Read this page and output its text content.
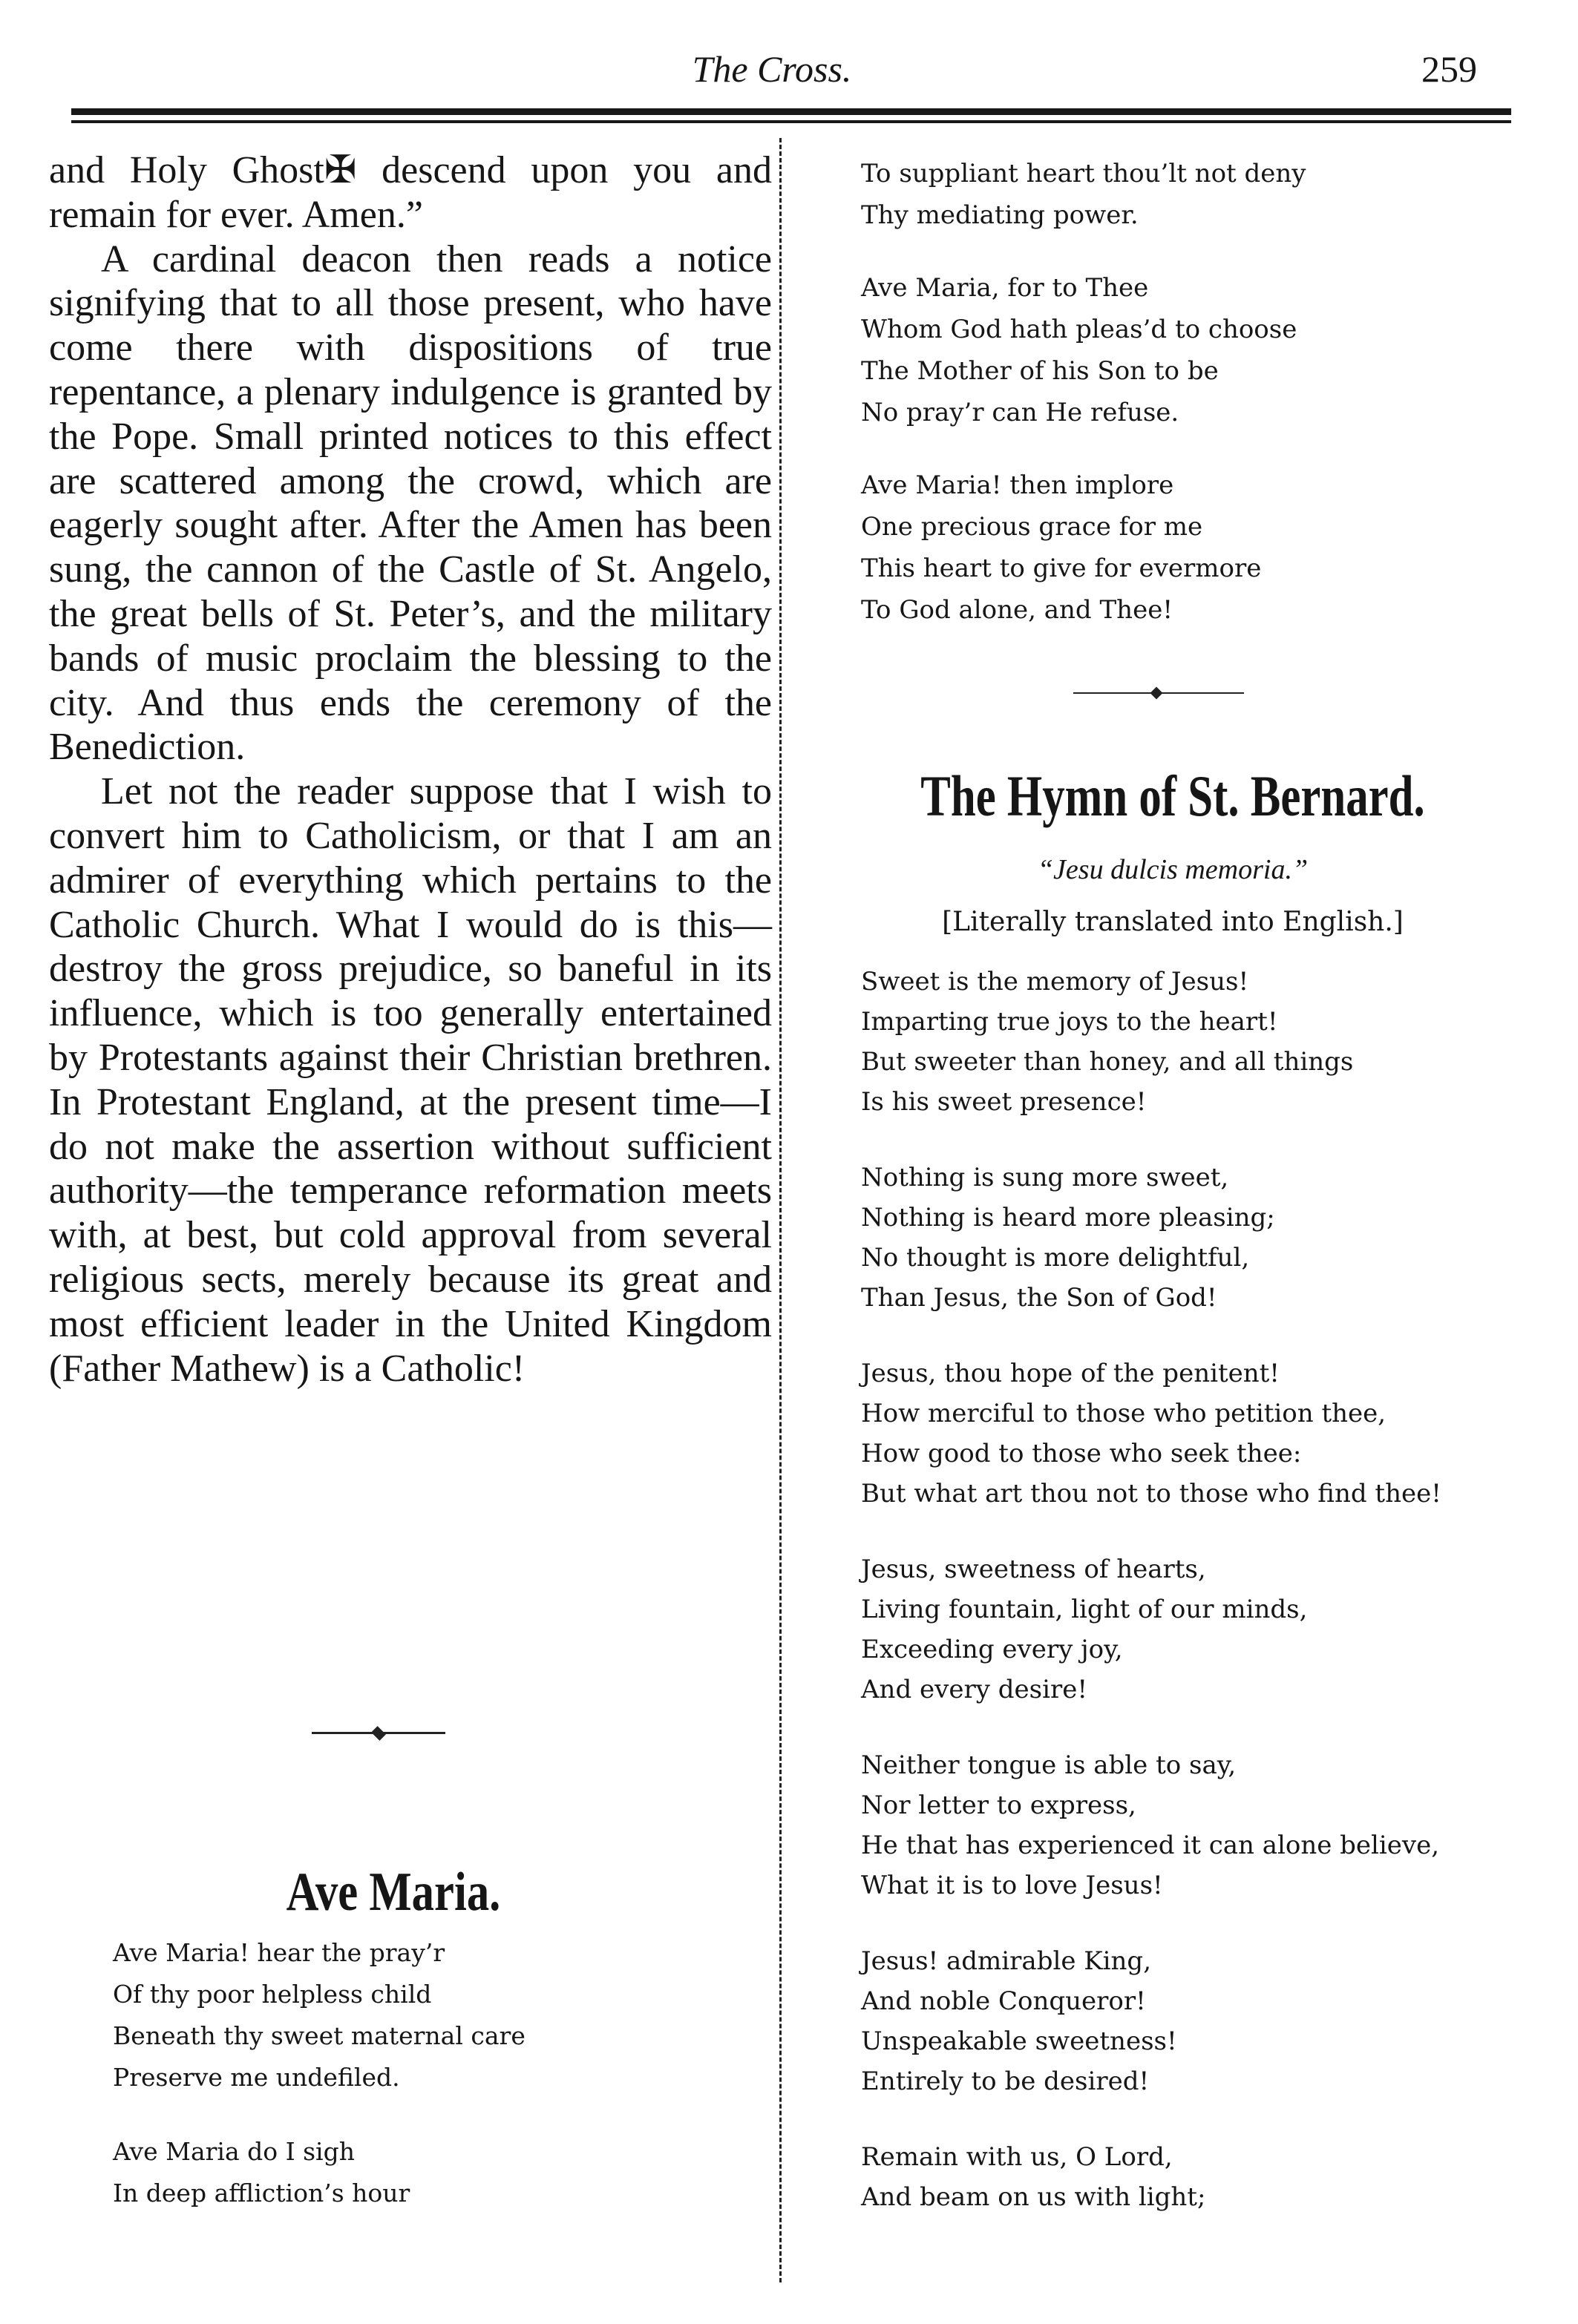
The Cross.	259

and Holy Ghost✠ descend upon you and remain for ever. Amen.”

A cardinal deacon then reads a notice signifying that to all those present, who have come there with dispositions of true repentance, a plenary indulgence is granted by the Pope. Small printed notices to this effect are scattered among the crowd, which are eagerly sought after. After the Amen has been sung, the cannon of the Castle of St. Angelo, the great bells of St. Peter’s, and the military bands of music proclaim the blessing to the city. And thus ends the ceremony of the Benediction.

Let not the reader suppose that I wish to convert him to Catholicism, or that I am an admirer of everything which pertains to the Catholic Church. What I would do is this—destroy the gross prejudice, so baneful in its influence, which is too generally entertained by Protestants against their Christian brethren. In Protestant England, at the present time—I do not make the assertion without sufficient authority—the temperance reformation meets with, at best, but cold approval from several religious sects, merely because its great and most efficient leader in the United Kingdom (Father Mathew) is a Catholic!

Ave Maria.
Ave Maria! hear the pray’r
Of thy poor helpless child
Beneath thy sweet maternal care
Preserve me undefiled.
Ave Maria do I sigh
In deep affliction’s hour
To suppliant heart thou’lt not deny
Thy mediating power.
Ave Maria, for to Thee
Whom God hath pleas’d to choose
The Mother of his Son to be
No pray’r can He refuse.
Ave Maria! then implore
One precious grace for me
This heart to give for evermore
To God alone, and Thee!
The Hymn of St. Bernard.
“Jesu dulcis memoria.”
[Literally translated into English.]
Sweet is the memory of Jesus!
Imparting true joys to the heart!
But sweeter than honey, and all things
Is his sweet presence!
Nothing is sung more sweet,
Nothing is heard more pleasing;
No thought is more delightful,
Than Jesus, the Son of God!
Jesus, thou hope of the penitent!
How merciful to those who petition thee,
How good to those who seek thee:
But what art thou not to those who find thee!
Jesus, sweetness of hearts,
Living fountain, light of our minds,
Exceeding every joy,
And every desire!
Neither tongue is able to say,
Nor letter to express,
He that has experienced it can alone believe,
What it is to love Jesus!
Jesus! admirable King,
And noble Conqueror!
Unspeakable sweetness!
Entirely to be desired!
Remain with us, O Lord,
And beam on us with light;
